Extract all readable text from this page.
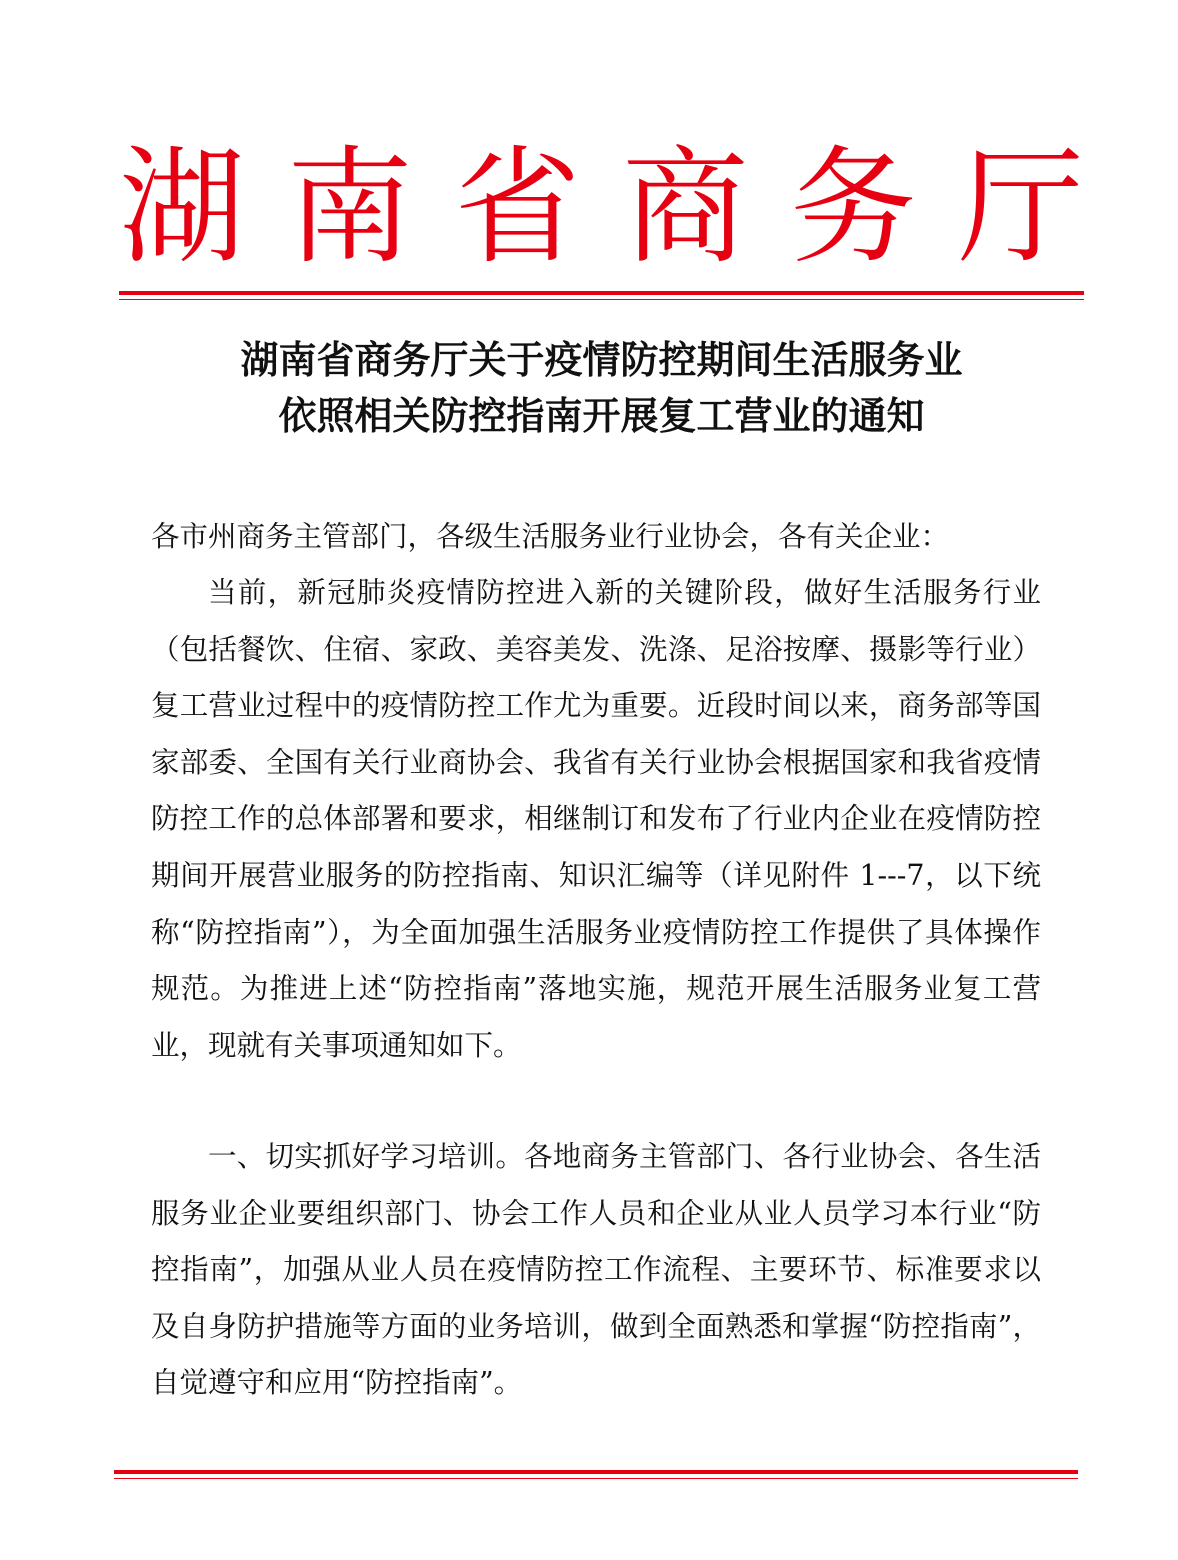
湖 南 省 商 务 厅
湖南省商务厅关于疫情防控期间生活服务业
依照相关防控指南开展复工营业的通知

各市州商务主管部门，各级生活服务业行业协会，各有关企业：

当前，新冠肺炎疫情防控进入新的关键阶段，做好生活服务行业（包括餐饮、住宿、家政、美容美发、洗涤、足浴按摩、摄影等行业）复工营业过程中的疫情防控工作尤为重要。近段时间以来，商务部等国家部委、全国有关行业商协会、我省有关行业协会根据国家和我省疫情防控工作的总体部署和要求，相继制订和发布了行业内企业在疫情防控期间开展营业服务的防控指南、知识汇编等（详见附件 1---7，以下统称“防控指南”），为全面加强生活服务业疫情防控工作提供了具体操作规范。为推进上述“防控指南”落地实施，规范开展生活服务业复工营业，现就有关事项通知如下。

一、切实抓好学习培训。各地商务主管部门、各行业协会、各生活服务业企业要组织部门、协会工作人员和企业从业人员学习本行业“防控指南”，加强从业人员在疫情防控工作流程、主要环节、标准要求以及自身防护措施等方面的业务培训，做到全面熟悉和掌握“防控指南”，自觉遵守和应用“防控指南”。
